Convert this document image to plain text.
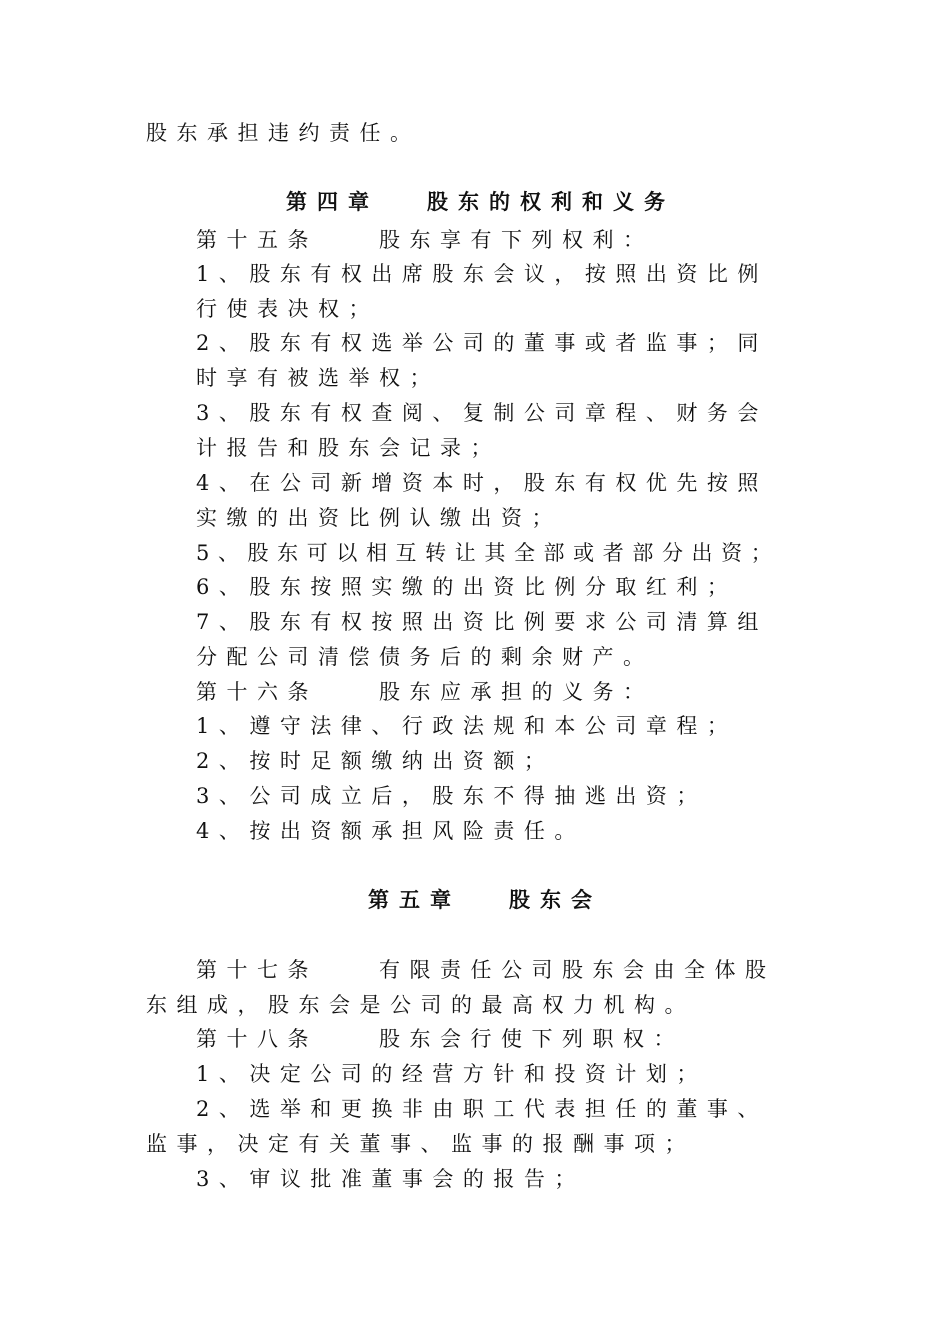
股东承担违约责任。
第四章 股东的权利和义务
第十五条　　股东享有下列权利：
1、股东有权出席股东会议，按照出资比例
行使表决权；
2、股东有权选举公司的董事或者监事；同
时享有被选举权；
3、股东有权查阅、复制公司章程、财务会
计报告和股东会记录；
4、在公司新增资本时，股东有权优先按照
实缴的出资比例认缴出资；
5、股东可以相互转让其全部或者部分出资；
6、股东按照实缴的出资比例分取红利；
7、股东有权按照出资比例要求公司清算组
分配公司清偿债务后的剩余财产。
第十六条　　股东应承担的义务：
1、遵守法律、行政法规和本公司章程；
2、按时足额缴纳出资额；
3、公司成立后，股东不得抽逃出资；
4、按出资额承担风险责任。
第五章 股东会
第十七条　　有限责任公司股东会由全体股
东组成，股东会是公司的最高权力机构。
第十八条　　股东会行使下列职权：
1、决定公司的经营方针和投资计划；
2、选举和更换非由职工代表担任的董事、
监事，决定有关董事、监事的报酬事项；
3、审议批准董事会的报告；
